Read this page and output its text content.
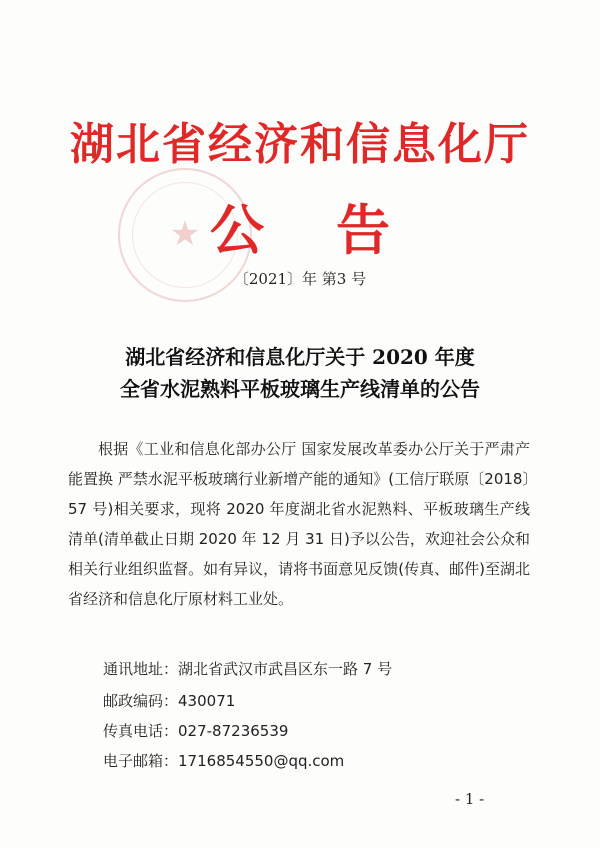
★
湖北省经济和信息化厅
公 告
〔2021〕年 第3 号
湖北省经济和信息化厅关于 2020 年度
全省水泥熟料平板玻璃生产线清单的公告
根据《工业和信息化部办公厅 国家发展改革委办公厅关于严肃产能置换 严禁水泥平板玻璃行业新增产能的通知》(工信厅联原〔2018〕57 号)相关要求，现将 2020 年度湖北省水泥熟料、平板玻璃生产线清单(清单截止日期 2020 年 12 月 31 日)予以公告，欢迎社会公众和相关行业组织监督。如有异议，请将书面意见反馈(传真、邮件)至湖北省经济和信息化厅原材料工业处。
通讯地址：湖北省武汉市武昌区东一路 7 号
邮政编码：430071
传真电话：027-87236539
电子邮箱：1716854550@qq.com
- 1 -
